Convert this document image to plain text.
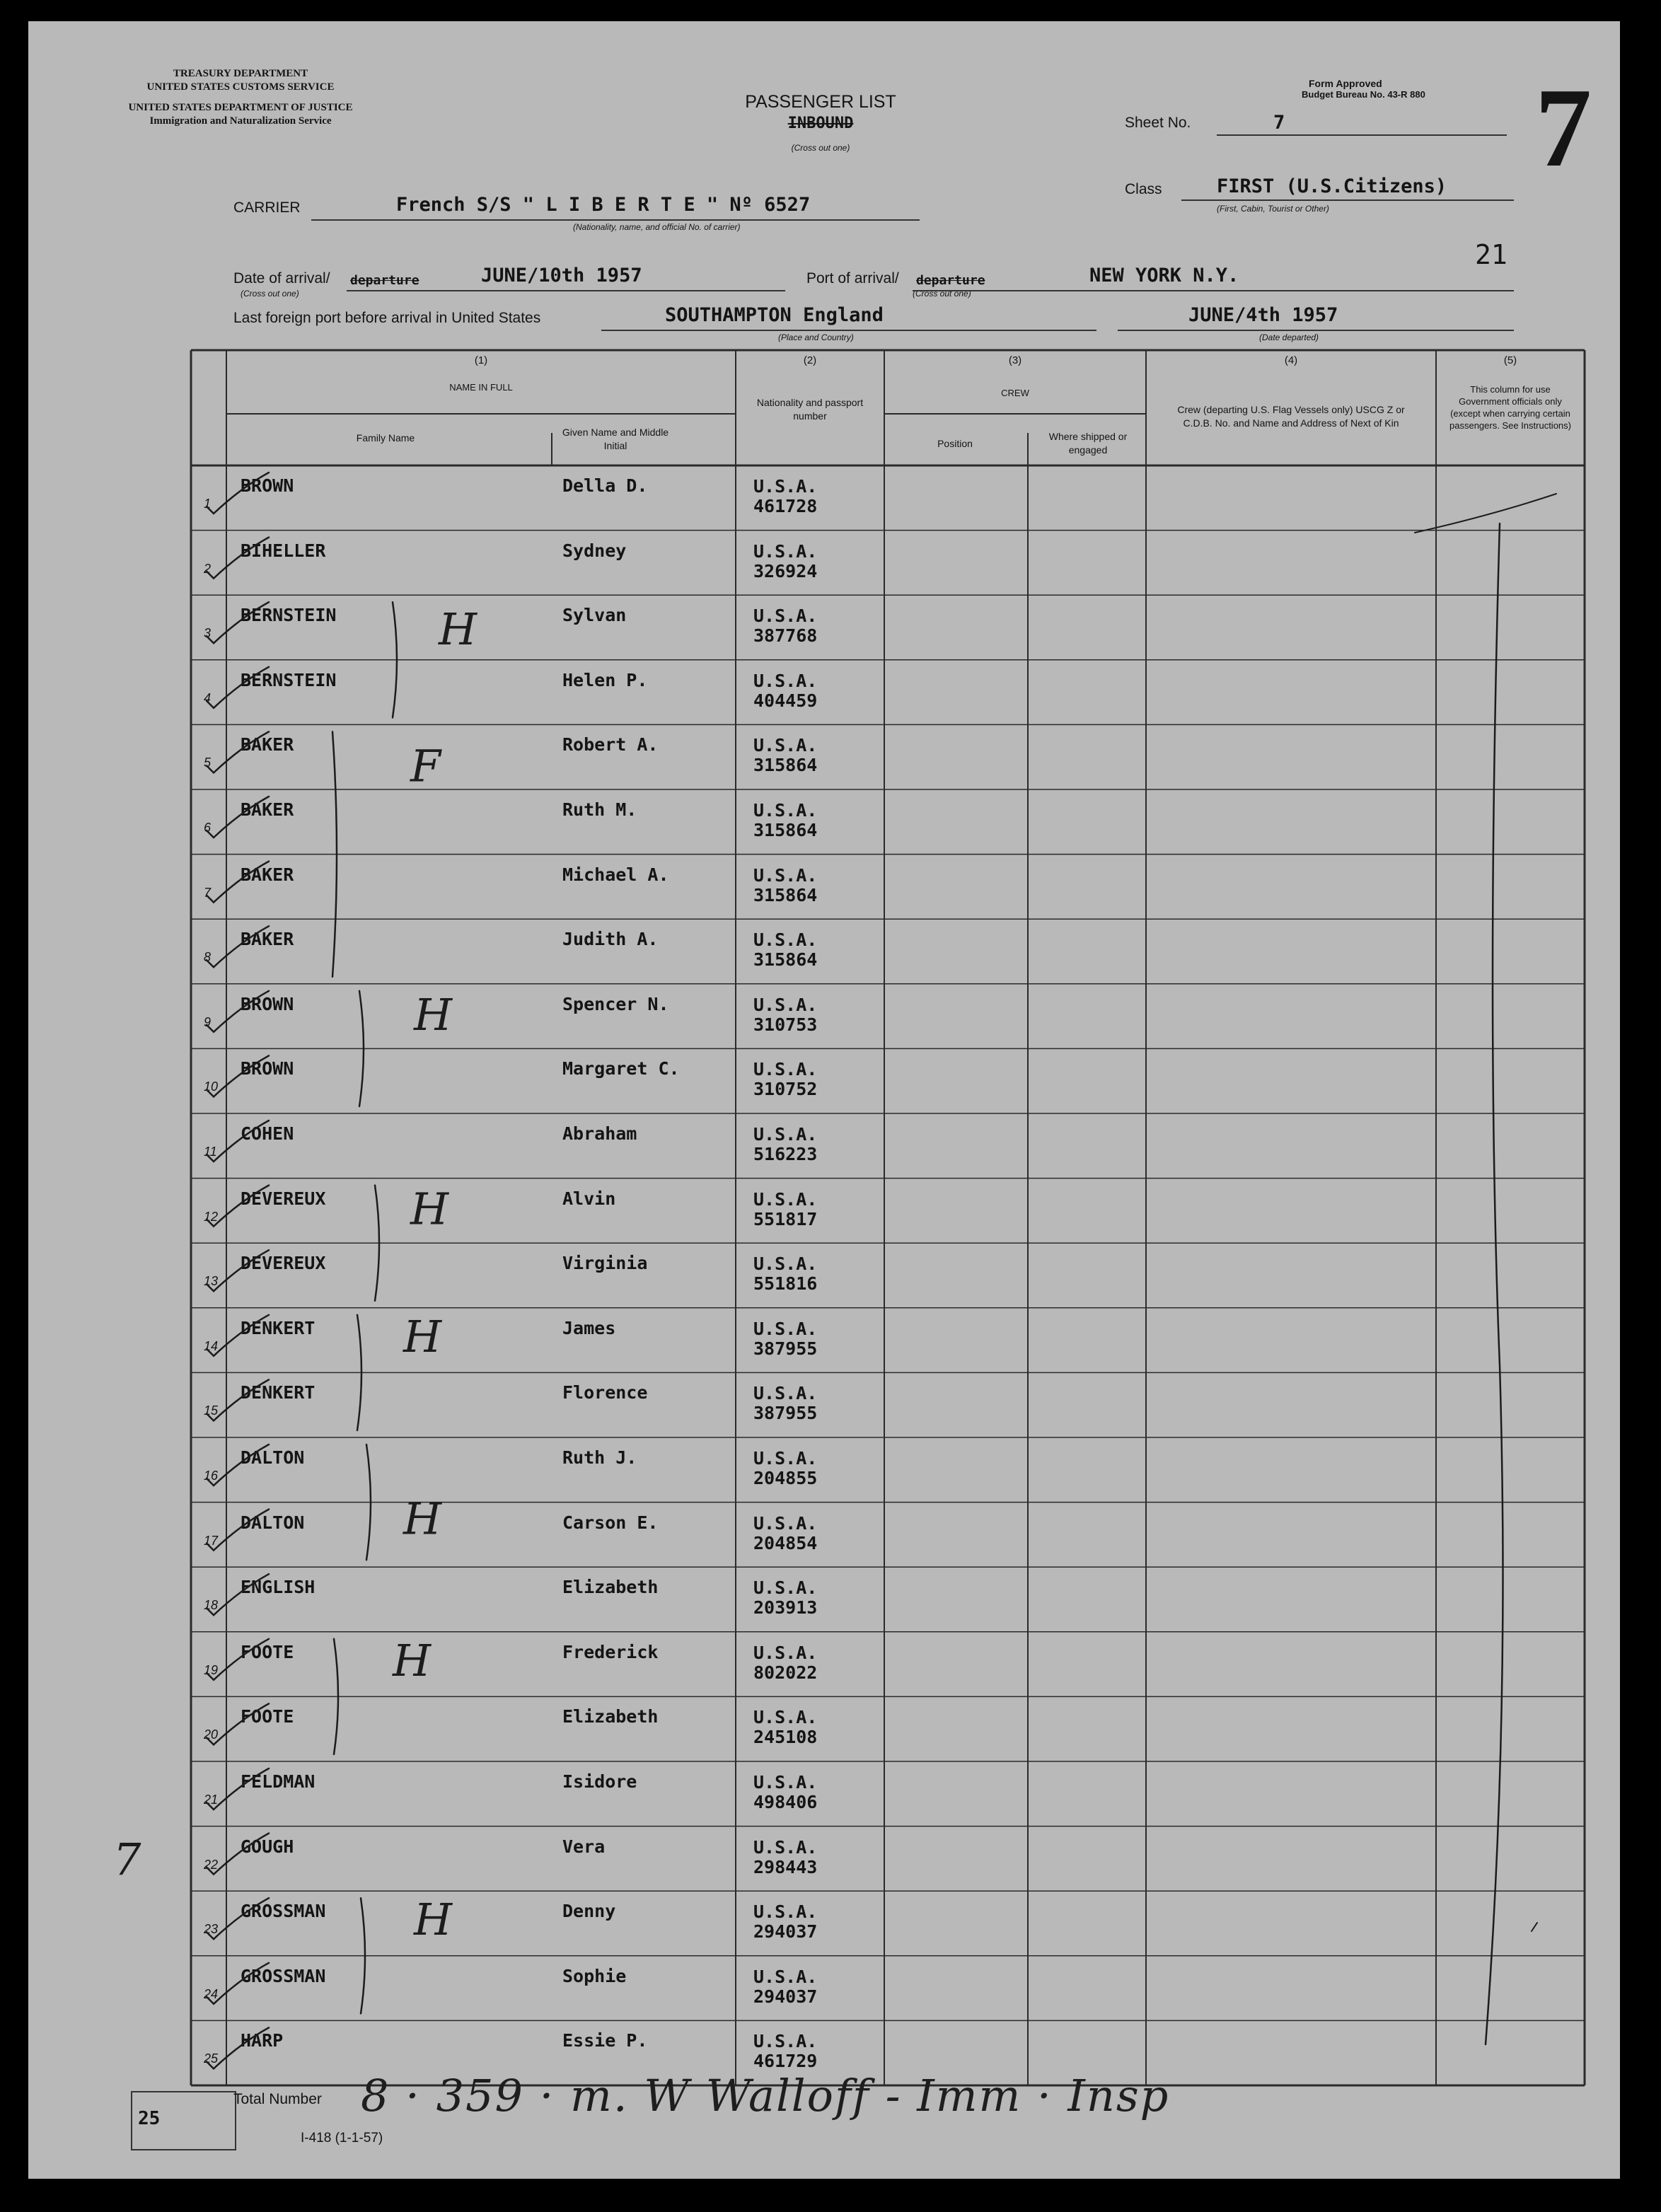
TREASURY DEPARTMENT
UNITED STATES CUSTOMS SERVICE
UNITED STATES DEPARTMENT OF JUSTICE
Immigration and Naturalization Service
PASSENGER LIST
INBOUND
(Cross out one)
Form Approved
Budget Bureau No. 43-R 880 7
Sheet No.	7
CARRIER	French S/S " L I B E R T E " Nº 6527
(Nationality, name, and official No. of carrier)
Class	FIRST (U.S.Citizens)
(First, Cabin, Tourist or Other)
21
Date of arrival/ departure
(Cross out one)
JUNE/10th 1957	Port of arrival/ departure
(Cross out one)
NEW YORK N.Y.
Last foreign port before arrival in United States	SOUTHAMPTON England
(Place and Country)
JUNE/4th 1957
(Date departed)
(1)
NAME IN FULL
Family Name	Given Name and Middle Initial
(2)
Nationality and passport number
(3)
CREW
Position
Where shipped or engaged
(4)
Crew (departing U.S. Flag Vessels only) USCG Z or C.D.B. No. and Name and Address of Next of Kin
(5)
This column for use Government officials only (except when carrying certain passengers. See Instructions)
1
BROWN	Della D.	U.S.A.
461728
2
BIHELLER	Sydney	U.S.A.
326924
3
BERNSTEIN	Sylvan	U.S.A.
387768
4
BERNSTEIN	Helen P.	U.S.A.
404459
5
BAKER	Robert A.	U.S.A.
315864
6
BAKER	Ruth M.	U.S.A.
315864
7
BAKER	Michael A.	U.S.A.
315864
8
BAKER	Judith A.	U.S.A.
315864
9
BROWN	Spencer N.	U.S.A.
310753
10
BROWN	Margaret C.	U.S.A.
310752
11
COHEN	Abraham	U.S.A.
516223
12
DEVEREUX	Alvin	U.S.A.
551817
13
DEVEREUX	Virginia	U.S.A.
551816
14
DENKERT	James	U.S.A.
387955
15
DENKERT	Florence	U.S.A.
387955
16
DALTON	Ruth J.	U.S.A.
204855
17
DALTON	Carson E.	U.S.A.
204854
18
ENGLISH	Elizabeth	U.S.A.
203913
19
FOOTE	Frederick	U.S.A.
802022
20
FOOTE	Elizabeth	U.S.A.
245108
21
FELDMAN	Isidore	U.S.A.
498406
22
GOUGH	Vera	U.S.A.
298443
23
GROSSMAN	Denny	U.S.A.
294037
24
GROSSMAN	Sophie	U.S.A.
294037
25
HARP	Essie P.	U.S.A.
461729
H
F
H
H
H
H
H
H
7
25
Total Number
I-418 (1-1-57)
8 · 359 · m. W Walloff - Imm · Insp
